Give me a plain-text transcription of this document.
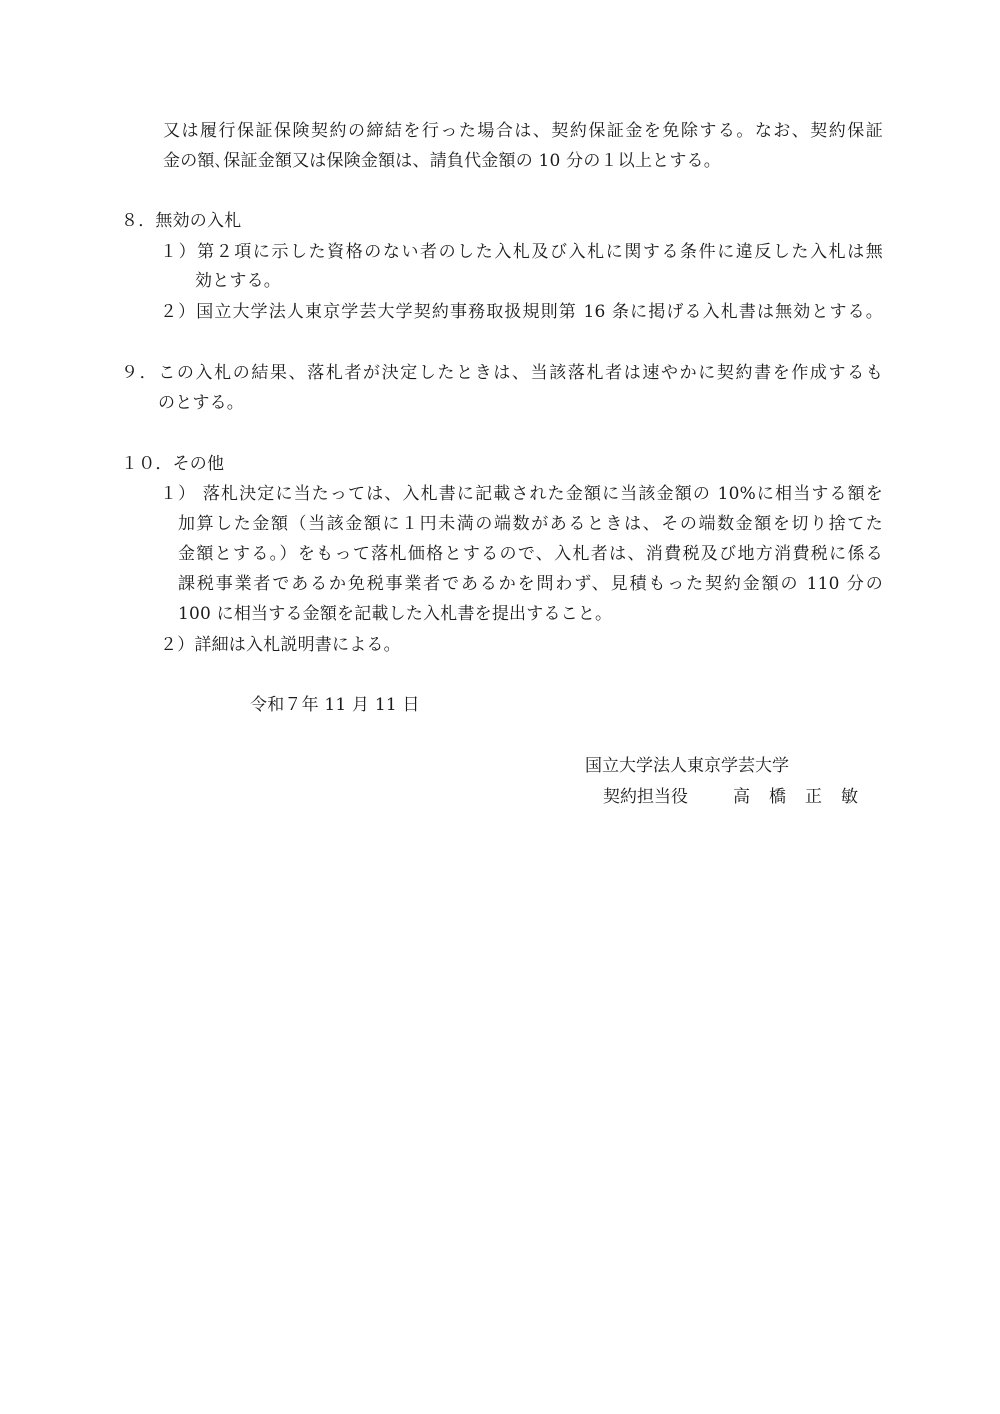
又は履行保証保険契約の締結を行った場合は、契約保証金を免除する。なお、契約保証
金の額､保証金額又は保険金額は、請負代金額の 10 分の１以上とする。
８．無効の入札
１）第２項に示した資格のない者のした入札及び入札に関する条件に違反した入札は無
効とする。
２）国立大学法人東京学芸大学契約事務取扱規則第 16 条に掲げる入札書は無効とする。
９．この入札の結果、落札者が決定したときは、当該落札者は速やかに契約書を作成するも
のとする。
１０．その他
１） 落札決定に当たっては、入札書に記載された金額に当該金額の 10%に相当する額を
加算した金額（当該金額に１円未満の端数があるときは、その端数金額を切り捨てた
金額とする。）をもって落札価格とするので、入札者は、消費税及び地方消費税に係る
課税事業者であるか免税事業者であるかを問わず、見積もった契約金額の 110 分の
100 に相当する金額を記載した入札書を提出すること。
２）詳細は入札説明書による。
令和７年 11 月 11 日
国立大学法人東京学芸大学
契約担当役	高　橋　正　敏
